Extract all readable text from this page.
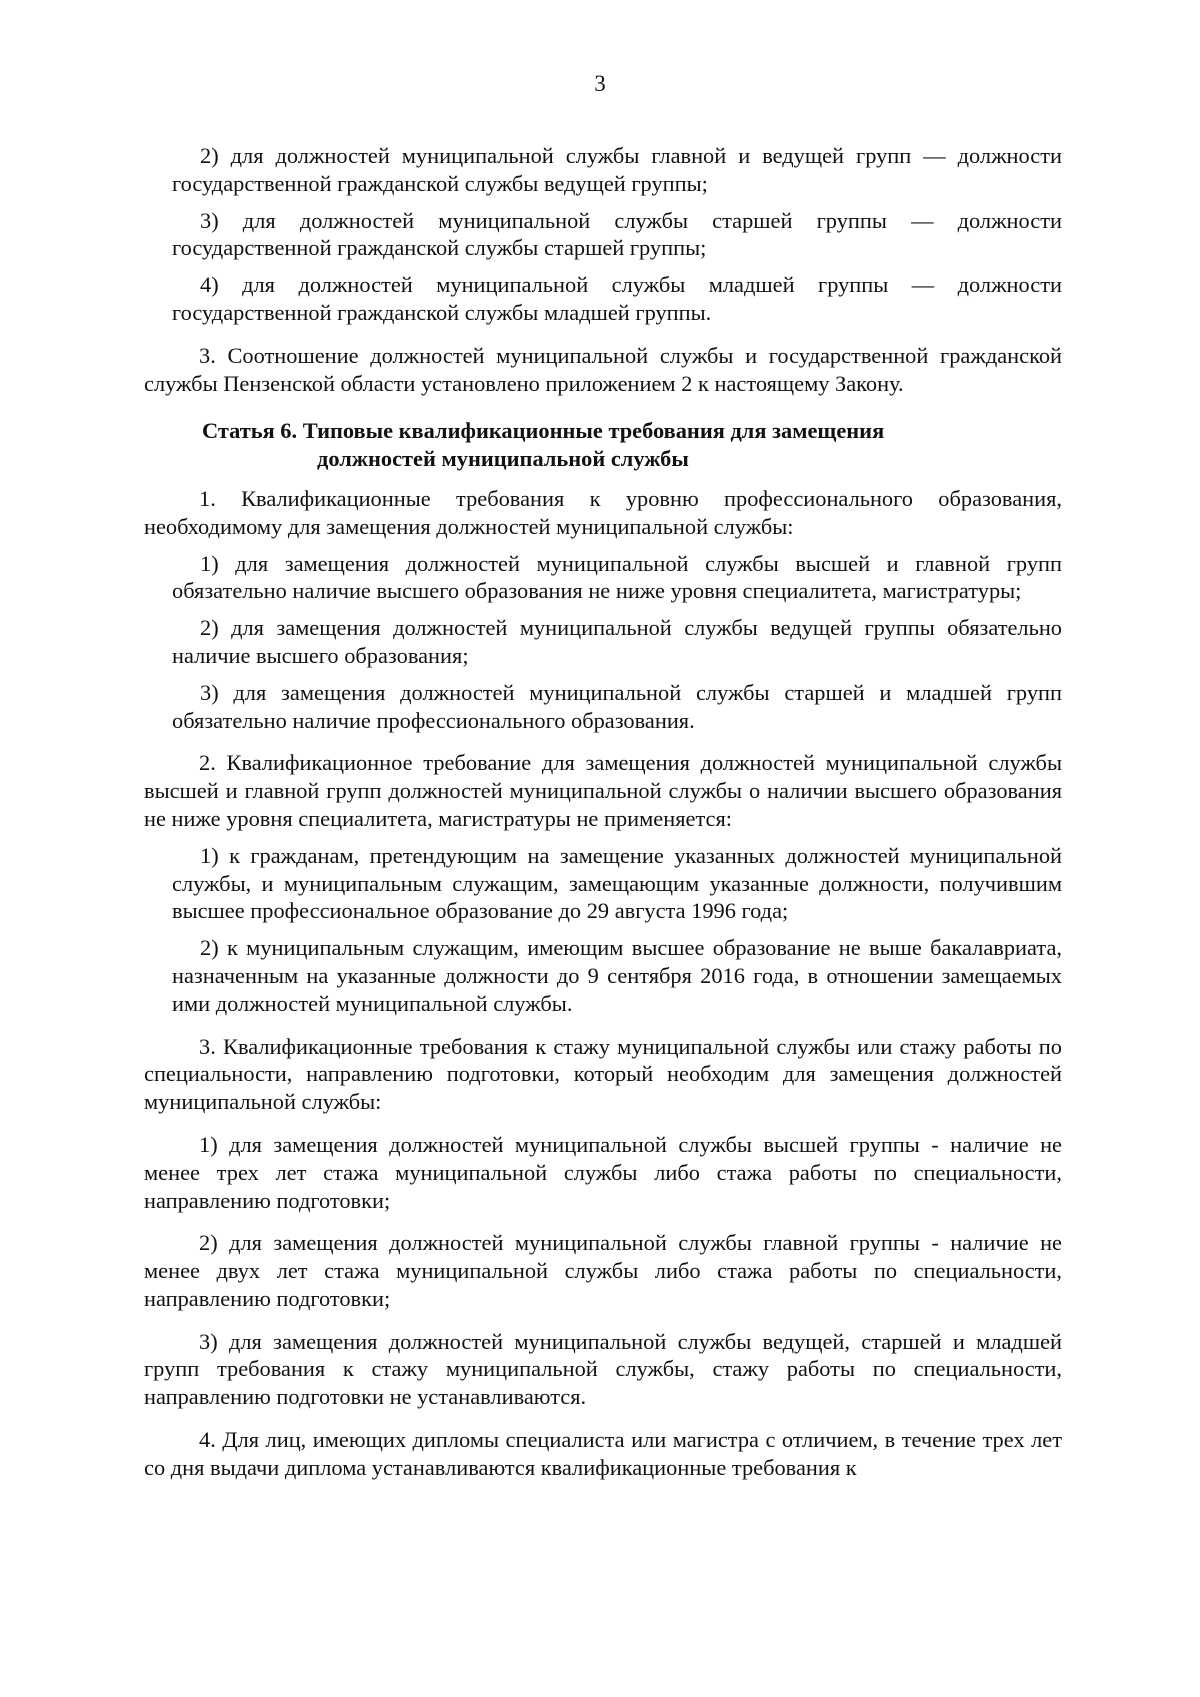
3

2) для должностей муниципальной службы главной и ведущей групп — должности государственной гражданской службы ведущей группы;

3) для должностей муниципальной службы старшей группы — должности государственной гражданской службы старшей группы;

4) для должностей муниципальной службы младшей группы — должности государственной гражданской службы младшей группы.

3. Соотношение должностей муниципальной службы и государственной гражданской службы Пензенской области установлено приложением 2 к настоящему Закону.

Статья 6. Типовые квалификационные требования для замещения
должностей муниципальной службы

1. Квалификационные требования к уровню профессионального образования, необходимому для замещения должностей муниципальной службы:

1) для замещения должностей муниципальной службы высшей и главной групп обязательно наличие высшего образования не ниже уровня специалитета, магистратуры;

2) для замещения должностей муниципальной службы ведущей группы обязательно наличие высшего образования;

3) для замещения должностей муниципальной службы старшей и младшей групп обязательно наличие профессионального образования.

2. Квалификационное требование для замещения должностей муниципальной службы высшей и главной групп должностей муниципальной службы о наличии высшего образования не ниже уровня специалитета, магистратуры не применяется:

1) к гражданам, претендующим на замещение указанных должностей муниципальной службы, и муниципальным служащим, замещающим указанные должности, получившим высшее профессиональное образование до 29 августа 1996 года;

2) к муниципальным служащим, имеющим высшее образование не выше бакалавриата, назначенным на указанные должности до 9 сентября 2016 года, в отношении замещаемых ими должностей муниципальной службы.

3. Квалификационные требования к стажу муниципальной службы или стажу работы по специальности, направлению подготовки, который необходим для замещения должностей муниципальной службы:

1) для замещения должностей муниципальной службы высшей группы - наличие не менее трех лет стажа муниципальной службы либо стажа работы по специальности, направлению подготовки;

2) для замещения должностей муниципальной службы главной группы - наличие не менее двух лет стажа муниципальной службы либо стажа работы по специальности, направлению подготовки;

3) для замещения должностей муниципальной службы ведущей, старшей и младшей групп требования к стажу муниципальной службы, стажу работы по специальности, направлению подготовки не устанавливаются.

4. Для лиц, имеющих дипломы специалиста или магистра с отличием, в течение трех лет со дня выдачи диплома устанавливаются квалификационные требования к
